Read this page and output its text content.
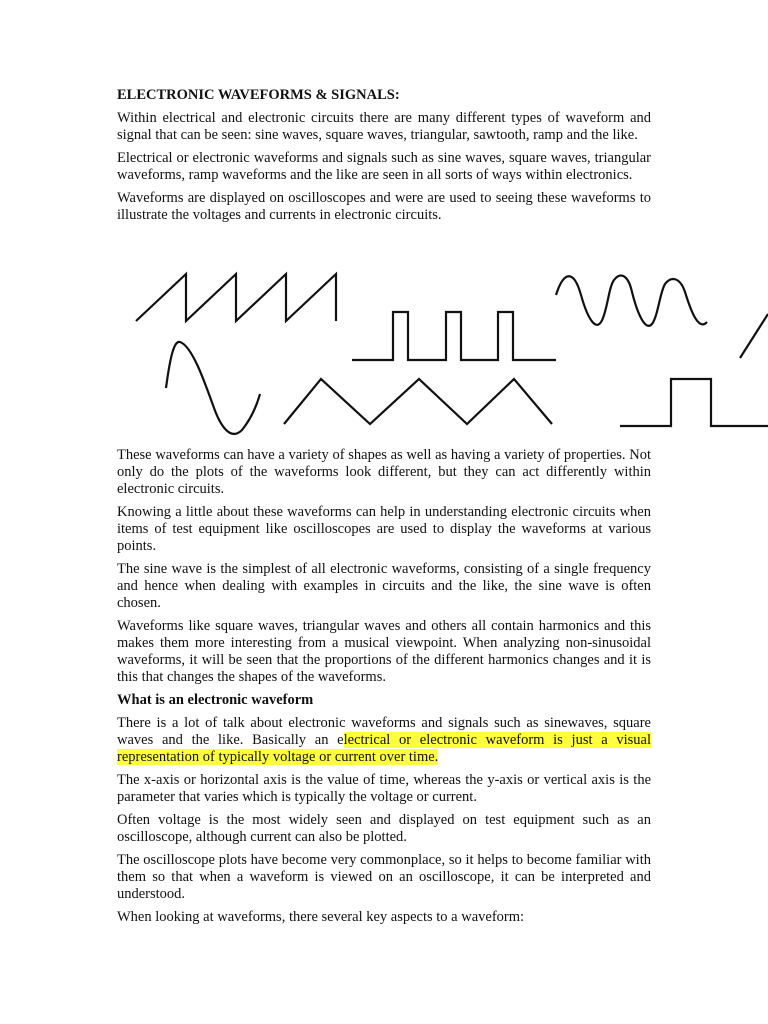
ELECTRONIC WAVEFORMS & SIGNALS:

Within electrical and electronic circuits there are many different types of waveform and signal that can be seen: sine waves, square waves, triangular, sawtooth, ramp and the like.

Electrical or electronic waveforms and signals such as sine waves, square waves, triangular waveforms, ramp waveforms and the like are seen in all sorts of ways within electronics.

Waveforms are displayed on oscilloscopes and were are used to seeing these waveforms to illustrate the voltages and currents in electronic circuits.

These waveforms can have a variety of shapes as well as having a variety of properties. Not only do the plots of the waveforms look different, but they can act differently within electronic circuits.

Knowing a little about these waveforms can help in understanding electronic circuits when items of test equipment like oscilloscopes are used to display the waveforms at various points.

The sine wave is the simplest of all electronic waveforms, consisting of a single frequency and hence when dealing with examples in circuits and the like, the sine wave is often chosen.

Waveforms like square waves, triangular waves and others all contain harmonics and this makes them more interesting from a musical viewpoint. When analyzing non-sinusoidal waveforms, it will be seen that the proportions of the different harmonics changes and it is this that changes the shapes of the waveforms.

What is an electronic waveform

There is a lot of talk about electronic waveforms and signals such as sinewaves, square waves and the like. Basically an electrical or electronic waveform is just a visual representation of typically voltage or current over time.

The x-axis or horizontal axis is the value of time, whereas the y-axis or vertical axis is the parameter that varies which is typically the voltage or current.

Often voltage is the most widely seen and displayed on test equipment such as an oscilloscope, although current can also be plotted.

The oscilloscope plots have become very commonplace, so it helps to become familiar with them so that when a waveform is viewed on an oscilloscope, it can be interpreted and understood.

When looking at waveforms, there several key aspects to a waveform:
